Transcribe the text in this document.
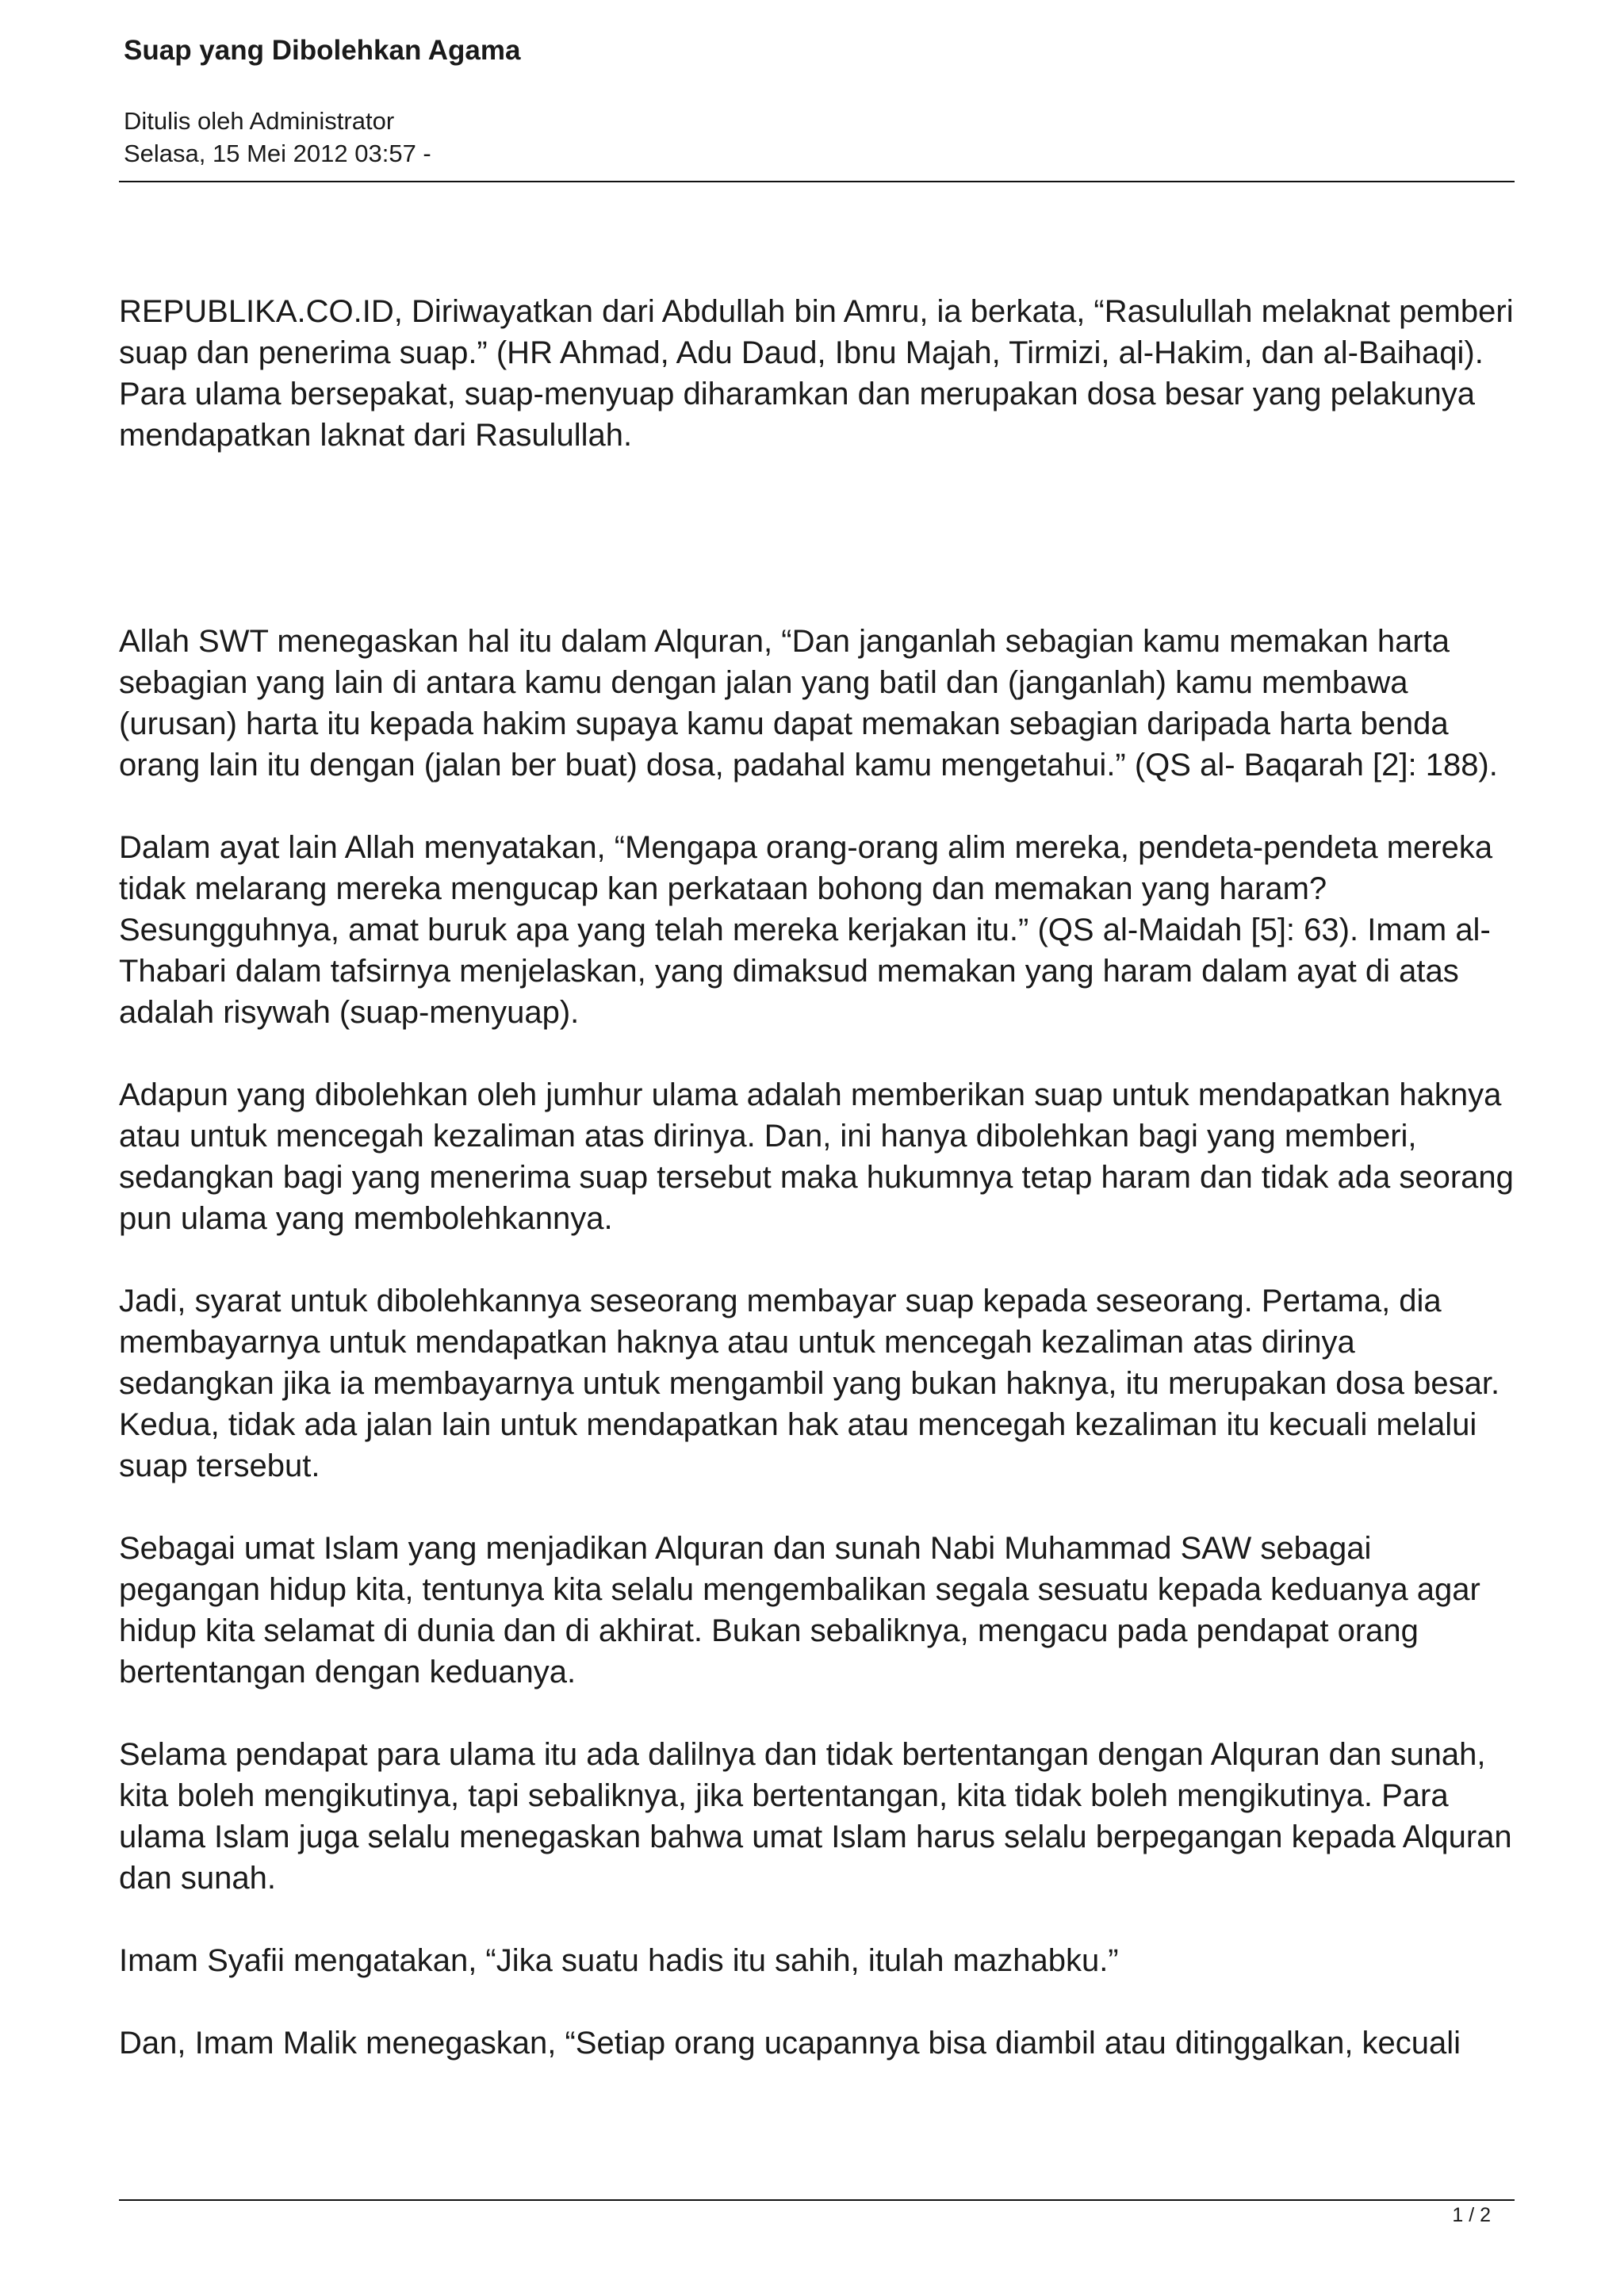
Suap yang Dibolehkan Agama
Ditulis oleh Administrator
Selasa, 15 Mei 2012 03:57 -

REPUBLIKA.CO.ID, Diriwayatkan dari Abdullah bin Amru, ia berkata, “Rasulullah melaknat pemberi suap dan penerima suap.” (HR Ahmad, Adu Daud, Ibnu Majah, Tirmizi, al-Hakim, dan al-Baihaqi). Para ulama bersepakat, suap-menyuap diharamkan dan merupakan dosa besar yang pelakunya mendapatkan laknat dari Rasulullah.

Allah SWT menegaskan hal itu dalam Alquran, “Dan janganlah sebagian kamu memakan harta sebagian yang lain di antara kamu dengan jalan yang batil dan (janganlah) kamu membawa (urusan) harta itu kepada hakim supaya kamu dapat memakan sebagian daripada harta benda orang lain itu dengan (jalan ber buat) dosa, padahal kamu mengetahui.” (QS al- Baqarah [2]: 188).

Dalam ayat lain Allah menyatakan, “Mengapa orang-orang alim mereka, pendeta-pendeta mereka tidak melarang mereka mengucap kan perkataan bohong dan memakan yang haram? Sesungguhnya, amat buruk apa yang telah mereka kerjakan itu.” (QS al-Maidah [5]: 63). Imam al-Thabari dalam tafsirnya menjelaskan, yang dimaksud memakan yang haram dalam ayat di atas adalah risywah (suap-menyuap).

Adapun yang dibolehkan oleh jumhur ulama adalah memberikan suap untuk mendapatkan haknya atau untuk mencegah kezaliman atas dirinya. Dan, ini hanya dibolehkan bagi yang memberi, sedangkan bagi yang menerima suap tersebut maka hukumnya tetap haram dan tidak ada seorang pun ulama yang membolehkannya.

Jadi, syarat untuk dibolehkannya seseorang membayar suap kepada seseorang. Pertama, dia membayarnya untuk mendapatkan haknya atau untuk mencegah kezaliman atas dirinya sedangkan jika ia membayarnya untuk mengambil yang bukan haknya, itu merupakan dosa besar. Kedua, tidak ada jalan lain untuk mendapatkan hak atau mencegah kezaliman itu kecuali melalui suap tersebut.

Sebagai umat Islam yang menjadikan Alquran dan sunah Nabi Muhammad SAW sebagai pegangan hidup kita, tentunya kita selalu mengembalikan segala sesuatu kepada keduanya agar hidup kita selamat di dunia dan di akhirat. Bukan sebaliknya, mengacu pada pendapat orang bertentangan dengan keduanya.

Selama pendapat para ulama itu ada dalilnya dan tidak bertentangan dengan Alquran dan sunah, kita boleh mengikutinya, tapi sebaliknya, jika bertentangan, kita tidak boleh mengikutinya. Para ulama Islam juga selalu menegaskan bahwa umat Islam harus selalu berpegangan kepada Alquran dan sunah.

Imam Syafii mengatakan, “Jika suatu hadis itu sahih, itulah mazhabku.”

Dan, Imam Malik menegaskan, “Setiap orang ucapannya bisa diambil atau ditinggalkan, kecuali

1 / 2
